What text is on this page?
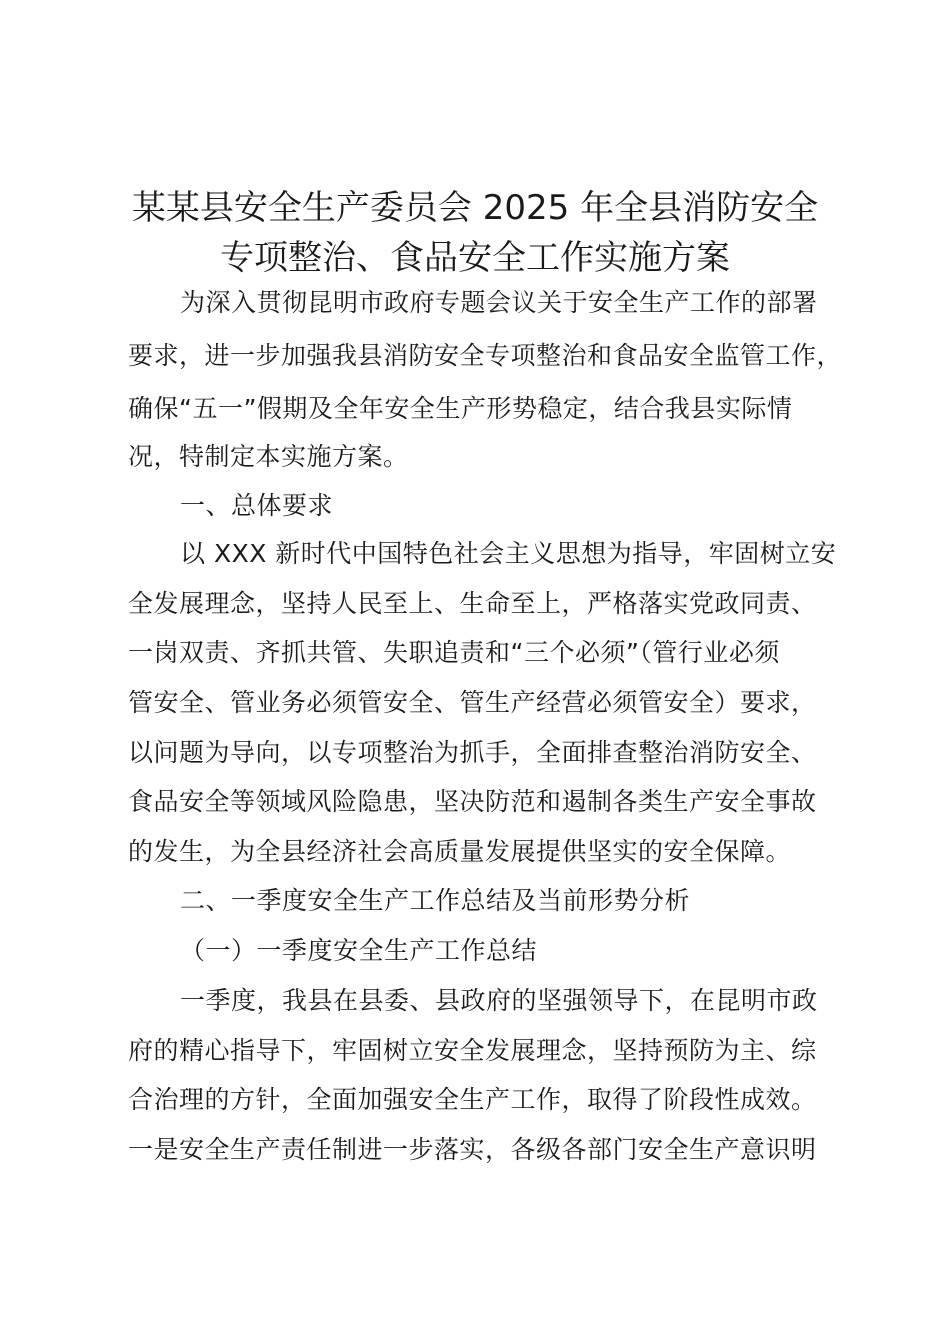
某某县安全生产委员会 2025 年全县消防安全
专项整治、食品安全工作实施方案

为深入贯彻昆明市政府专题会议关于安全生产工作的部署

要求，进一步加强我县消防安全专项整治和食品安全监管工作，

确保“五一”假期及全年安全生产形势稳定，结合我县实际情

况，特制定本实施方案。

一、总体要求

以 XXX 新时代中国特色社会主义思想为指导，牢固树立安

全发展理念，坚持人民至上、生命至上，严格落实党政同责、

一岗双责、齐抓共管、失职追责和“三个必须”（管行业必须

管安全、管业务必须管安全、管生产经营必须管安全）要求，

以问题为导向，以专项整治为抓手，全面排查整治消防安全、

食品安全等领域风险隐患，坚决防范和遏制各类生产安全事故

的发生，为全县经济社会高质量发展提供坚实的安全保障。

二、一季度安全生产工作总结及当前形势分析

（一）一季度安全生产工作总结

一季度，我县在县委、县政府的坚强领导下，在昆明市政

府的精心指导下，牢固树立安全发展理念，坚持预防为主、综

合治理的方针，全面加强安全生产工作，取得了阶段性成效。

一是安全生产责任制进一步落实，各级各部门安全生产意识明
